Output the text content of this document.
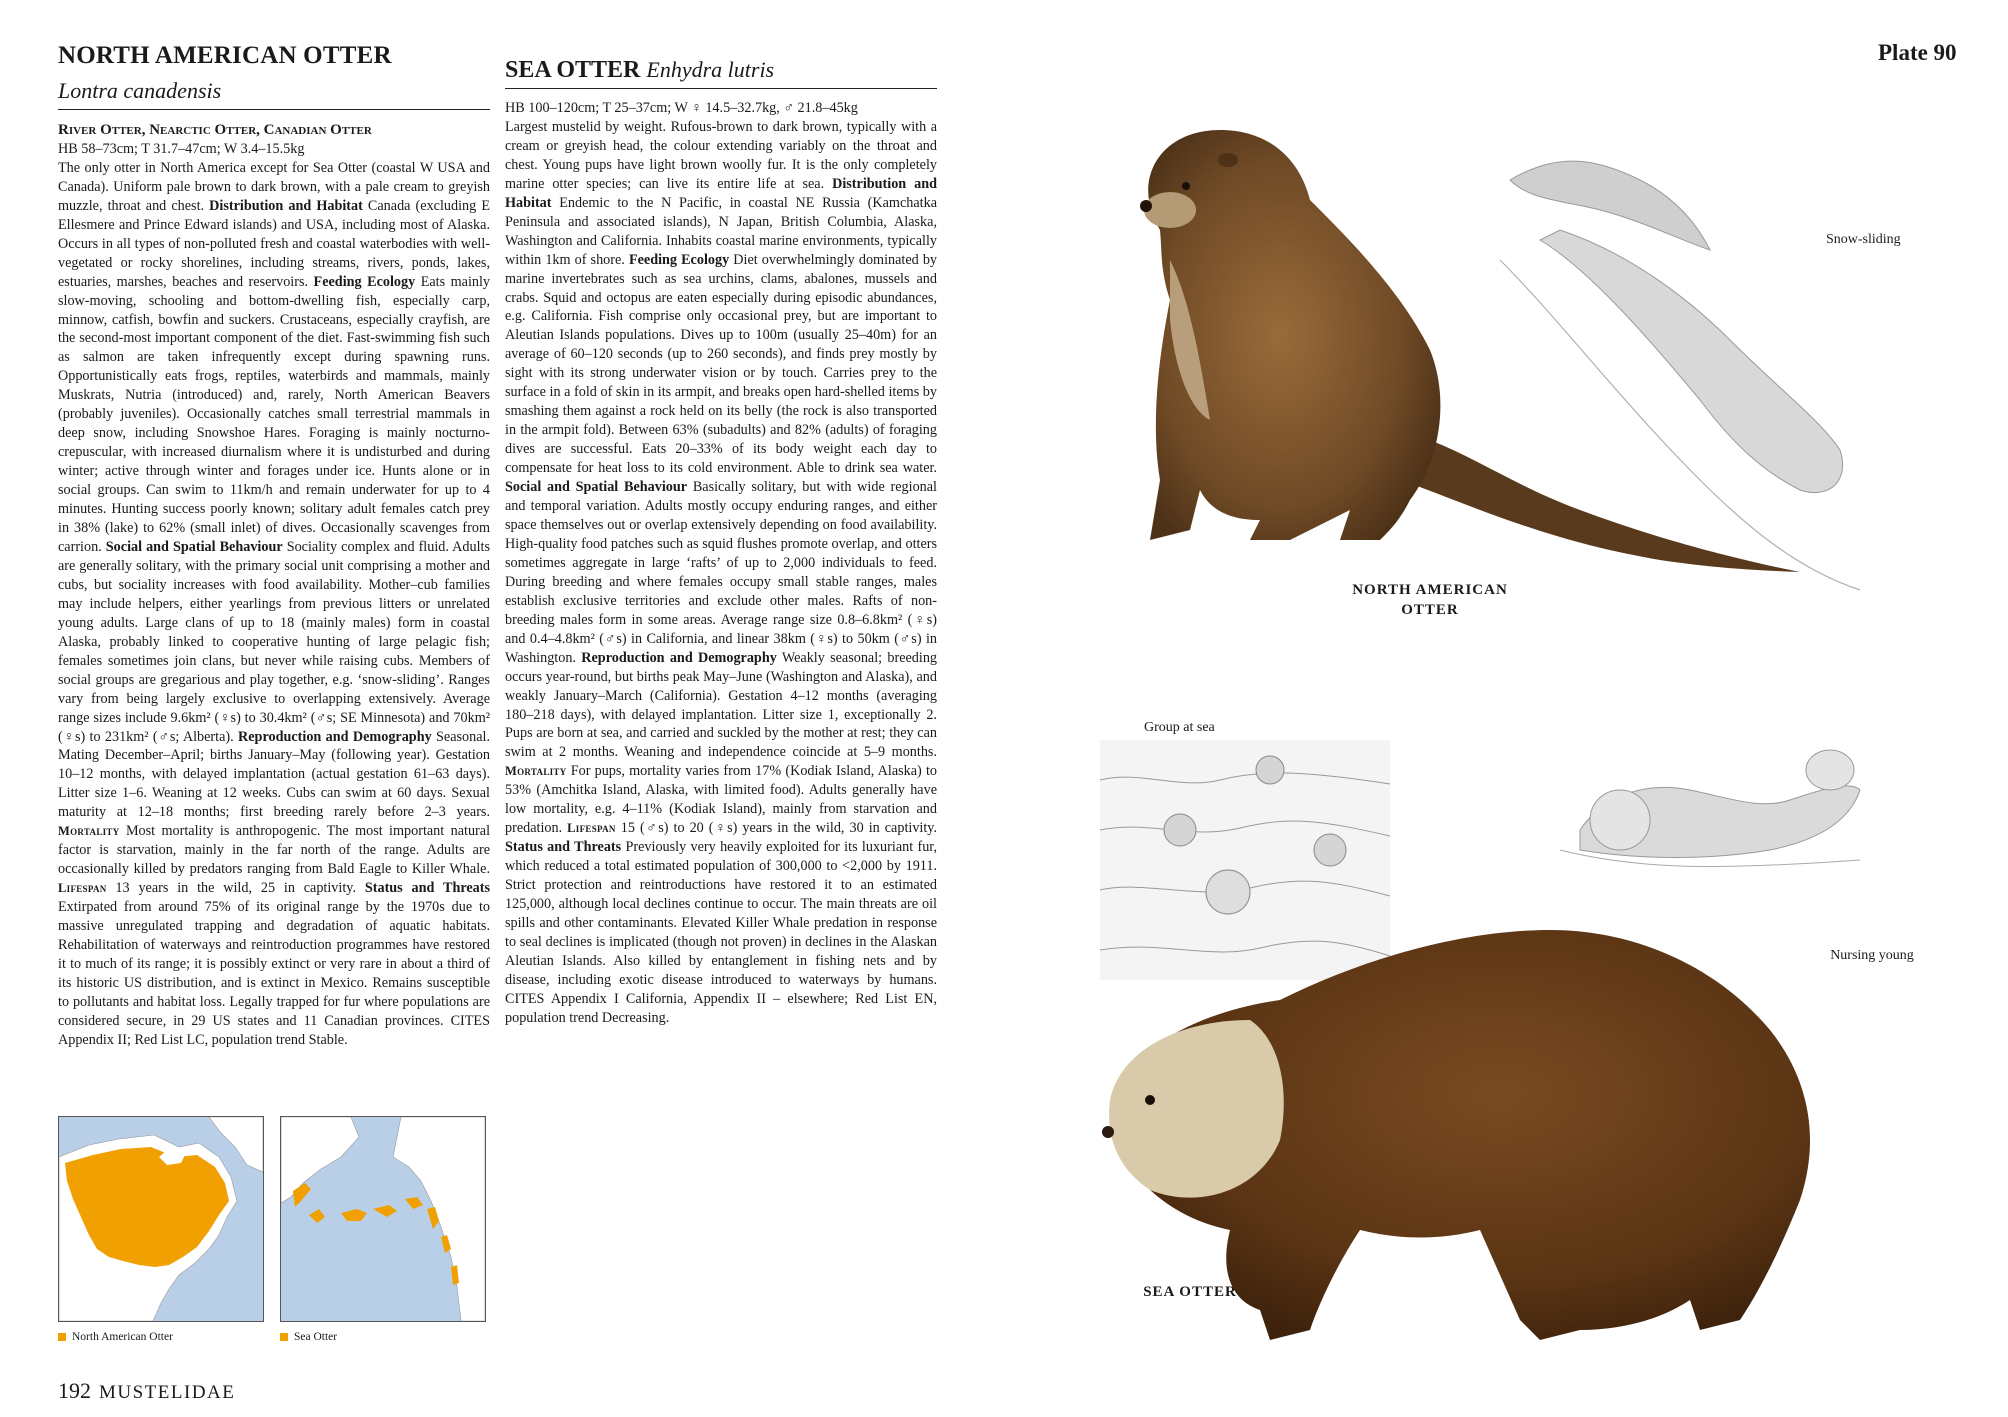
NORTH AMERICAN OTTER
Lontra canadensis

River Otter, Nearctic Otter, Canadian Otter

HB 58–73cm; T 31.7–47cm; W 3.4–15.5kg

The only otter in North America except for Sea Otter (coastal W USA and Canada). Uniform pale brown to dark brown, with a pale cream to greyish muzzle, throat and chest. Distribution and Habitat Canada (excluding E Ellesmere and Prince Edward islands) and USA, including most of Alaska. Occurs in all types of non-polluted fresh and coastal waterbodies with well-vegetated or rocky shorelines, including streams, rivers, ponds, lakes, estuaries, marshes, beaches and reservoirs. Feeding Ecology Eats mainly slow-moving, schooling and bottom-dwelling fish, especially carp, minnow, catfish, bowfin and suckers. Crustaceans, especially crayfish, are the second-most important component of the diet. Fast-swimming fish such as salmon are taken infrequently except during spawning runs. Opportunistically eats frogs, reptiles, waterbirds and mammals, mainly Muskrats, Nutria (introduced) and, rarely, North American Beavers (probably juveniles). Occasionally catches small terrestrial mammals in deep snow, including Snowshoe Hares. Foraging is mainly nocturno-crepuscular, with increased diurnalism where it is undisturbed and during winter; active through winter and forages under ice. Hunts alone or in social groups. Can swim to 11km/h and remain underwater for up to 4 minutes. Hunting success poorly known; solitary adult females catch prey in 38% (lake) to 62% (small inlet) of dives. Occasionally scavenges from carrion. Social and Spatial Behaviour Sociality complex and fluid. Adults are generally solitary, with the primary social unit comprising a mother and cubs, but sociality increases with food availability. Mother–cub families may include helpers, either yearlings from previous litters or unrelated young adults. Large clans of up to 18 (mainly males) form in coastal Alaska, probably linked to cooperative hunting of large pelagic fish; females sometimes join clans, but never while raising cubs. Members of social groups are gregarious and play together, e.g. ‘snow-sliding’. Ranges vary from being largely exclusive to overlapping extensively. Average range sizes include 9.6km² (♀s) to 30.4km² (♂s; SE Minnesota) and 70km² (♀s) to 231km² (♂s; Alberta). Reproduction and Demography Seasonal. Mating December–April; births January–May (following year). Gestation 10–12 months, with delayed implantation (actual gestation 61–63 days). Litter size 1–6. Weaning at 12 weeks. Cubs can swim at 60 days. Sexual maturity at 12–18 months; first breeding rarely before 2–3 years. Mortality Most mortality is anthropogenic. The most important natural factor is starvation, mainly in the far north of the range. Adults are occasionally killed by predators ranging from Bald Eagle to Killer Whale. Lifespan 13 years in the wild, 25 in captivity. Status and Threats Extirpated from around 75% of its original range by the 1970s due to massive unregulated trapping and degradation of aquatic habitats. Rehabilitation of waterways and reintroduction programmes have restored it to much of its range; it is possibly extinct or very rare in about a third of its historic US distribution, and is extinct in Mexico. Remains susceptible to pollutants and habitat loss. Legally trapped for fur where populations are considered secure, in 29 US states and 11 Canadian provinces. CITES Appendix II; Red List LC, population trend Stable.

SEA OTTER Enhydra lutris

HB 100–120cm; T 25–37cm; W ♀ 14.5–32.7kg, ♂ 21.8–45kg

Largest mustelid by weight. Rufous-brown to dark brown, typically with a cream or greyish head, the colour extending variably on the throat and chest. Young pups have light brown woolly fur. It is the only completely marine otter species; can live its entire life at sea. Distribution and Habitat Endemic to the N Pacific, in coastal NE Russia (Kamchatka Peninsula and associated islands), N Japan, British Columbia, Alaska, Washington and California. Inhabits coastal marine environments, typically within 1km of shore. Feeding Ecology Diet overwhelmingly dominated by marine invertebrates such as sea urchins, clams, abalones, mussels and crabs. Squid and octopus are eaten especially during episodic abundances, e.g. California. Fish comprise only occasional prey, but are important to Aleutian Islands populations. Dives up to 100m (usually 25–40m) for an average of 60–120 seconds (up to 260 seconds), and finds prey mostly by sight with its strong underwater vision or by touch. Carries prey to the surface in a fold of skin in its armpit, and breaks open hard-shelled items by smashing them against a rock held on its belly (the rock is also transported in the armpit fold). Between 63% (subadults) and 82% (adults) of foraging dives are successful. Eats 20–33% of its body weight each day to compensate for heat loss to its cold environment. Able to drink sea water. Social and Spatial Behaviour Basically solitary, but with wide regional and temporal variation. Adults mostly occupy enduring ranges, and either space themselves out or overlap extensively depending on food availability. High-quality food patches such as squid flushes promote overlap, and otters sometimes aggregate in large ‘rafts’ of up to 2,000 individuals to feed. During breeding and where females occupy small stable ranges, males establish exclusive territories and exclude other males. Rafts of non-breeding males form in some areas. Average range size 0.8–6.8km² (♀s) and 0.4–4.8km² (♂s) in California, and linear 38km (♀s) to 50km (♂s) in Washington. Reproduction and Demography Weakly seasonal; breeding occurs year-round, but births peak May–June (Washington and Alaska), and weakly January–March (California). Gestation 4–12 months (averaging 180–218 days), with delayed implantation. Litter size 1, exceptionally 2. Pups are born at sea, and carried and suckled by the mother at rest; they can swim at 2 months. Weaning and independence coincide at 5–9 months. Mortality For pups, mortality varies from 17% (Kodiak Island, Alaska) to 53% (Amchitka Island, Alaska, with limited food). Adults generally have low mortality, e.g. 4–11% (Kodiak Island), mainly from starvation and predation. Lifespan 15 (♂s) to 20 (♀s) years in the wild, 30 in captivity. Status and Threats Previously very heavily exploited for its luxuriant fur, which reduced a total estimated population of 300,000 to <2,000 by 1911. Strict protection and reintroductions have restored it to an estimated 125,000, although local declines continue to occur. The main threats are oil spills and other contaminants. Elevated Killer Whale predation in response to seal declines is implicated (though not proven) in declines in the Alaskan Aleutian Islands. Also killed by entanglement in fishing nets and by disease, including exotic disease introduced to waterways by humans. CITES Appendix I California, Appendix II – elsewhere; Red List EN, population trend Decreasing.

North American Otter	Sea Otter
192 MUSTELIDAE
Plate 90
Snow-sliding
NORTH AMERICAN OTTER
Group at sea
Nursing young
SEA OTTER
